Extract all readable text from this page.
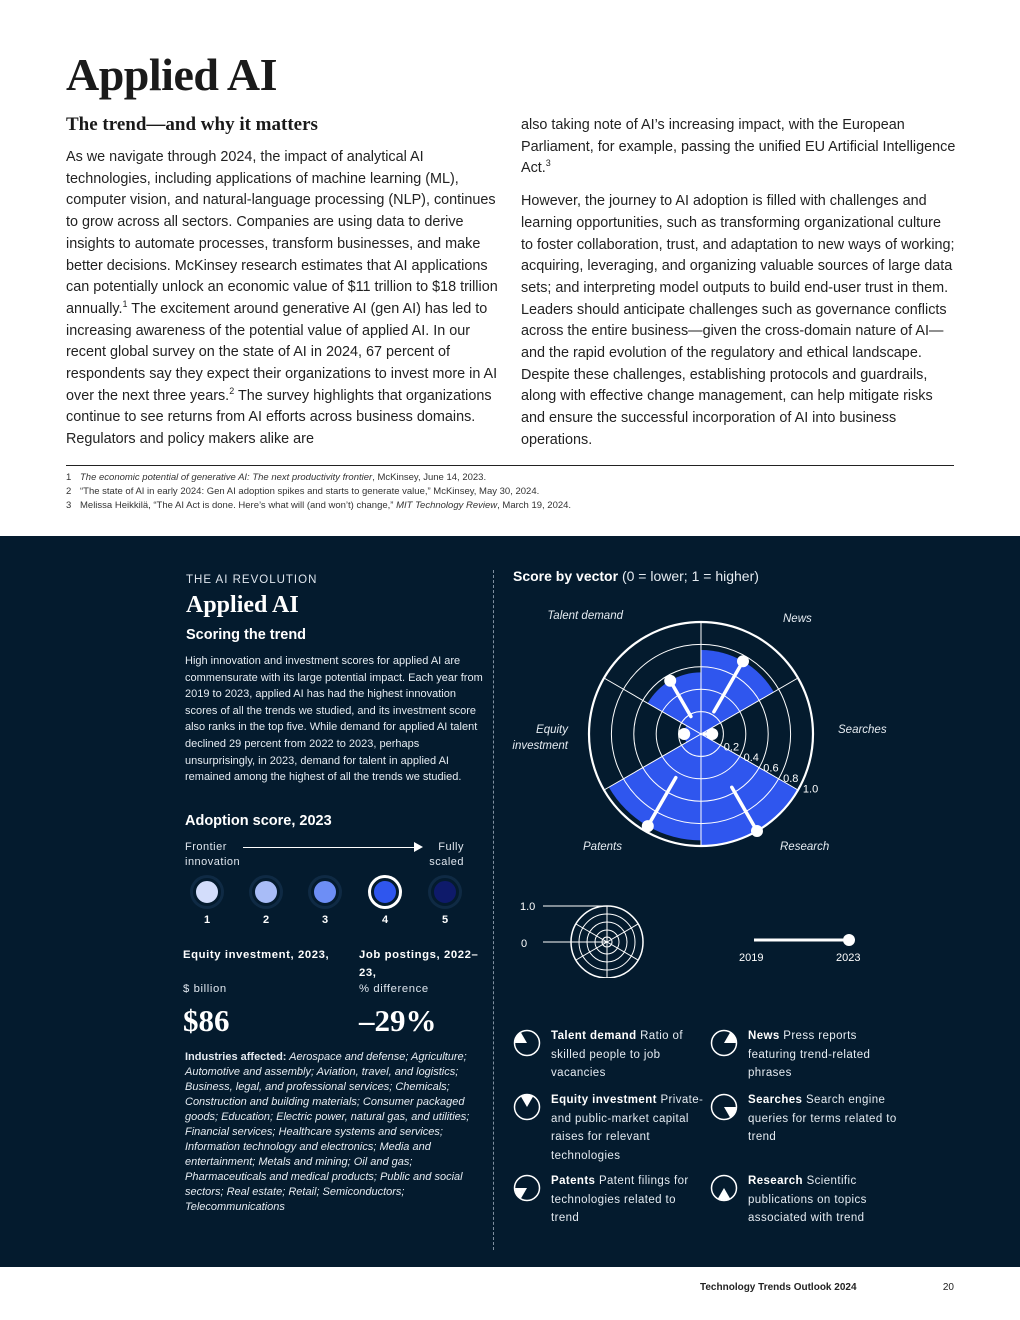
Applied AI
The trend—and why it matters

As we navigate through 2024, the impact of analytical AI technologies, including applications of machine learning (ML), computer vision, and natural-language processing (NLP), continues to grow across all sectors. Companies are using data to derive insights to automate processes, transform businesses, and make better decisions. McKinsey research estimates that AI applications can potentially unlock an economic value of $11 trillion to $18 trillion annually.$^1$ The excitement around generative AI (gen AI) has led to increasing awareness of the potential value of applied AI. In our recent global survey on the state of AI in 2024, 67 percent of respondents say they expect their organizations to invest more in AI over the next three years.$^2$ The survey highlights that organizations continue to see returns from AI efforts across business domains. Regulators and policy makers alike are

also taking note of AI’s increasing impact, with the European Parliament, for example, passing the unified EU Artificial Intelligence Act.$^3$

However, the journey to AI adoption is filled with challenges and learning opportunities, such as transforming organizational culture to foster collaboration, trust, and adaptation to new ways of working; acquiring, leveraging, and organizing valuable sources of large data sets; and interpreting model outputs to build end-user trust in them. Leaders should anticipate challenges such as governance conflicts across the entire business—given the cross-domain nature of AI—and the rapid evolution of the regulatory and ethical landscape. Despite these challenges, establishing protocols and guardrails, along with effective change management, can help mitigate risks and ensure the successful incorporation of AI into business operations.

1 The economic potential of generative AI: The next productivity frontier, McKinsey, June 14, 2023.
2 “The state of AI in early 2024: Gen AI adoption spikes and starts to generate value,” McKinsey, May 30, 2024.
3 Melissa Heikkilä, “The AI Act is done. Here’s what will (and won’t) change,” MIT Technology Review, March 19, 2024.
THE AI REVOLUTION
Applied AI
Scoring the trend
High innovation and investment scores for applied AI are commensurate with its large potential impact. Each year from 2019 to 2023, applied AI has had the highest innovation scores of all the trends we studied, and its investment score also ranks in the top five. While demand for applied AI talent declined 29 percent from 2022 to 2023, perhaps unsurprisingly, in 2023, demand for talent in applied AI remained among the highest of all the trends we studied.
Adoption score, 2023
Frontier innovation
Fully scaled
1	2	3	4	5
Equity investment, 2023,
$ billion
$86
Job postings, 2022–23,
% difference
–29%
Industries affected: Aerospace and defense; Agriculture; Automotive and assembly; Aviation, travel, and logistics; Business, legal, and professional services; Chemicals; Construction and building materials; Consumer packaged goods; Education; Electric power, natural gas, and utilities; Financial services; Healthcare systems and services; Information technology and electronics; Media and entertainment; Metals and mining; Oil and gas; Pharmaceuticals and medical products; Public and social sectors; Real estate; Retail; Semiconductors; Telecommunications
Score by vector (0 = lower; 1 = higher)
0.2
0.4
0.6
0.8
1.0
News
Searches
Research
Patents
Talent demand
Equity
investment
1.0
0
2019	2023
Talent demand Ratio of skilled people to job vacancies
News Press reports featuring trend-related phrases
Equity investment Private- and public-market capital raises for relevant technologies
Searches Search engine queries for terms related to trend
Patents Patent filings for technologies related to trend
Research Scientific publications on topics associated with trend
Technology Trends Outlook 2024	20
